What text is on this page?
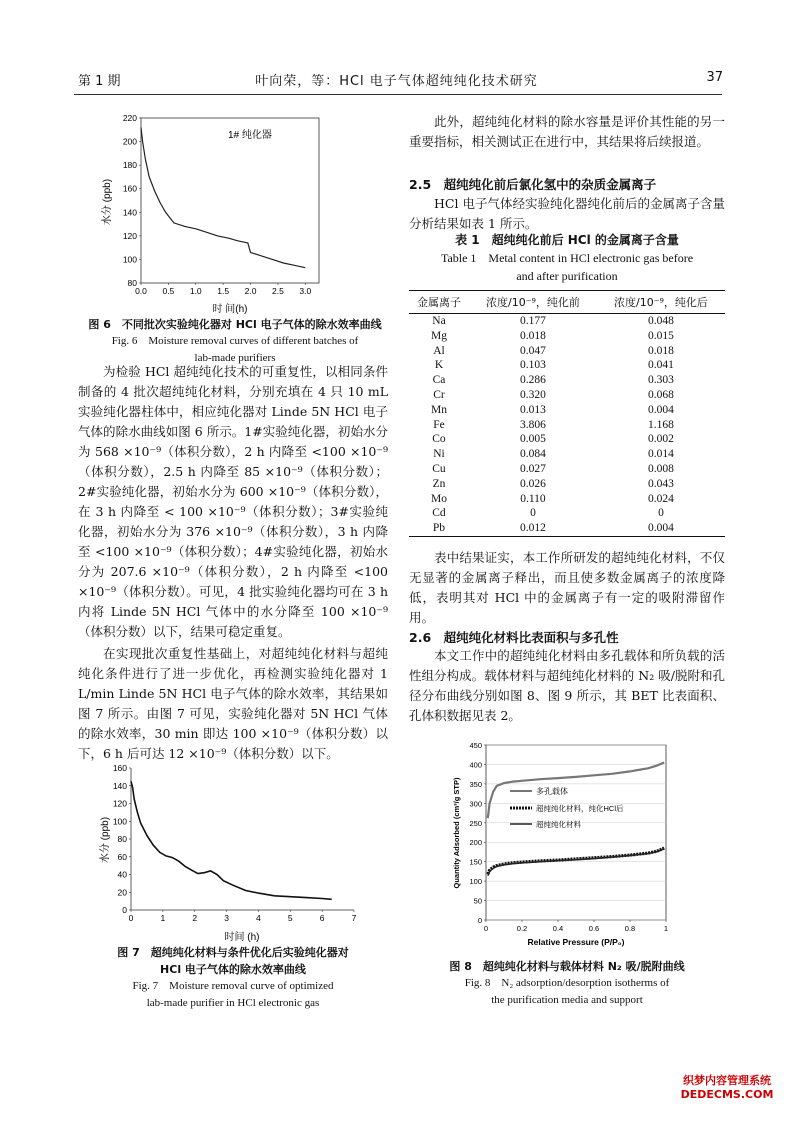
第 1 期	叶向荣，等：HCl 电子气体超纯纯化技术研究	37
80
100
120
140
160
180
200
220
0.0 0.5 1.0 1.5 2.0 2.5 3.0
1# 纯化器
时 间(h)
水分 (ppb)
图 6　不同批次实验纯化器对 HCl 电子气体的除水效率曲线
Fig. 6　Moisture removal curves of different batches of
lab-made purifiers

为检验 HCl 超纯纯化技术的可重复性，以相同条件制备的 4 批次超纯纯化材料，分别充填在 4 只 10 mL 实验纯化器柱体中，相应纯化器对 Linde 5N HCl 电子气体的除水曲线如图 6 所示。1#实验纯化器，初始水分为 568 ×10⁻⁹（体积分数），2 h 内降至 <100 ×10⁻⁹（体积分数），2.5 h 内降至 85 ×10⁻⁹（体积分数）；2#实验纯化器，初始水分为 600 ×10⁻⁹（体积分数），在 3 h 内降至 < 100 ×10⁻⁹（体积分数）；3#实验纯化器，初始水分为 376 ×10⁻⁹（体积分数），3 h 内降至 <100 ×10⁻⁹（体积分数）；4#实验纯化器，初始水分为 207.6 ×10⁻⁹（体积分数），2 h 内降至 <100 ×10⁻⁹（体积分数）。可见，4 批实验纯化器均可在 3 h 内将 Linde 5N HCl 气体中的水分降至 100 ×10⁻⁹（体积分数）以下，结果可稳定重复。

在实现批次重复性基础上，对超纯纯化材料与超纯纯化条件进行了进一步优化，再检测实验纯化器对 1 L/min Linde 5N HCl 电子气体的除水效率，其结果如图 7 所示。由图 7 可见，实验纯化器对 5N HCl 气体的除水效率，30 min 即达 100 ×10⁻⁹（体积分数）以下，6 h 后可达 12 ×10⁻⁹（体积分数）以下。

0
20
40
60
80
100
120
140
160
0	1	2	3	4	5	6	7
时间 (h)
水分 (ppb)
图 7　超纯纯化材料与条件优化后实验纯化器对
HCl 电子气体的除水效率曲线
Fig. 7　Moisture removal curve of optimized
lab-made purifier in HCl electronic gas

此外，超纯纯化材料的除水容量是评价其性能的另一重要指标，相关测试正在进行中，其结果将后续报道。

2.5　超纯纯化前后氯化氢中的杂质金属离子

HCl 电子气体经实验纯化器纯化前后的金属离子含量分析结果如表 1 所示。

表 1　超纯纯化前后 HCl 的金属离子含量
Table 1　Metal content in HCl electronic gas before
and after purification
金属离子	浓度/10⁻⁹，纯化前	浓度/10⁻⁹，纯化后
Na	0.177	0.048
Mg	0.018	0.015
Al	0.047	0.018
K	0.103	0.041
Ca	0.286	0.303
Cr	0.320	0.068
Mn	0.013	0.004
Fe	3.806	1.168
Co	0.005	0.002
Ni	0.084	0.014
Cu	0.027	0.008
Zn	0.026	0.043
Mo	0.110	0.024
Cd	0	0
Pb	0.012	0.004

表中结果证实，本工作所研发的超纯纯化材料，不仅无显著的金属离子释出，而且使多数金属离子的浓度降低，表明其对 HCl 中的金属离子有一定的吸附滞留作用。

2.6　超纯纯化材料比表面积与多孔性

本文工作中的超纯纯化材料由多孔载体和所负载的活性组分构成。载体材料与超纯纯化材料的 N₂ 吸/脱附和孔径分布曲线分别如图 8、图 9 所示，其 BET 比表面积、孔体积数据见表 2。

0
50
100
150
200
250
300
350
400
450
0	0.2	0.4	0.6	0.8	1
多孔载体
超纯纯化材料，纯化HCl后
超纯纯化材料
Relative Pressure (P/P₀)
Quantity Adsorbed (cm³/g STP)
图 8　超纯纯化材料与载体材料 N₂ 吸/脱附曲线
Fig. 8　N₂ adsorption/desorption isotherms of
the purification media and support
织梦内容管理系统
DEDECMS.COM
